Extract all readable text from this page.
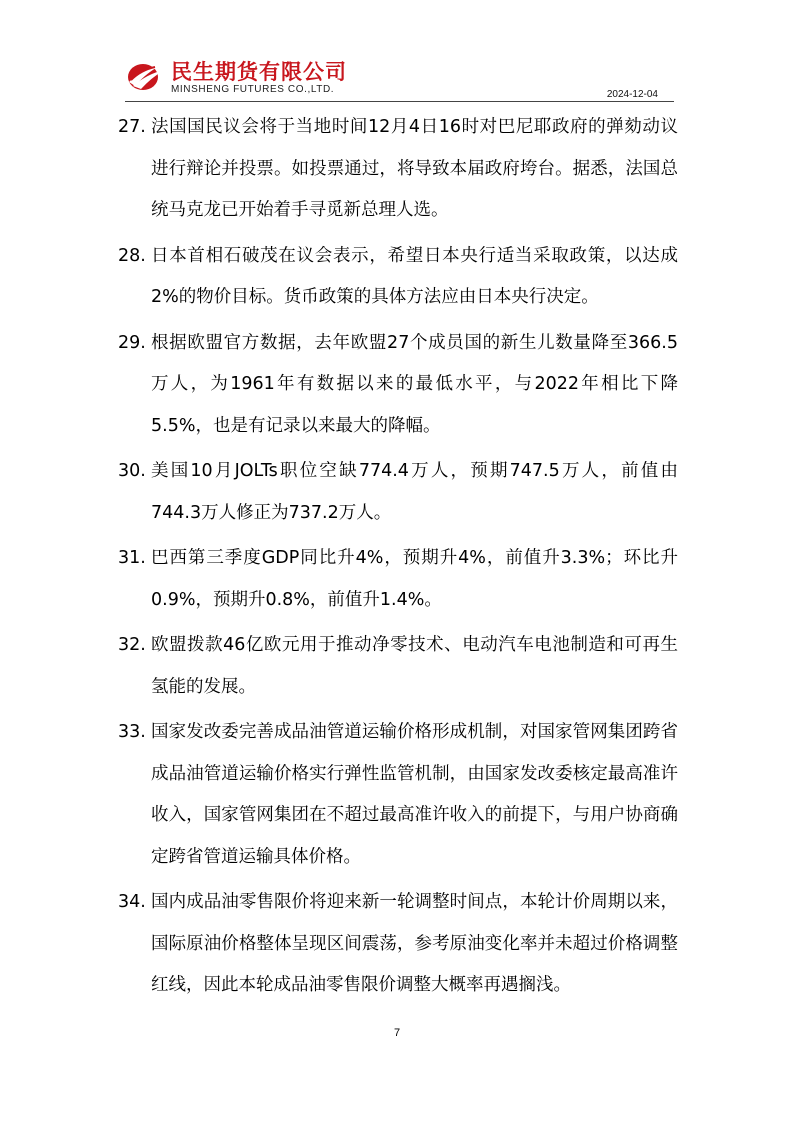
民生期货有限公司
MINSHENG FUTURES CO.,LTD.	2024-12-04
27. 法国国民议会将于当地时间12月4日16时对巴尼耶政府的弹劾动议进行辩论并投票。如投票通过，将导致本届政府垮台。据悉，法国总统马克龙已开始着手寻觅新总理人选。
28. 日本首相石破茂在议会表示，希望日本央行适当采取政策，以达成2%的物价目标。货币政策的具体方法应由日本央行决定。
29. 根据欧盟官方数据，去年欧盟27个成员国的新生儿数量降至366.5万人，为1961年有数据以来的最低水平，与2022年相比下降5.5%，也是有记录以来最大的降幅。
30. 美国10月JOLTs职位空缺774.4万人，预期747.5万人，前值由744.3万人修正为737.2万人。
31. 巴西第三季度GDP同比升4%，预期升4%，前值升3.3%；环比升0.9%，预期升0.8%，前值升1.4%。
32. 欧盟拨款46亿欧元用于推动净零技术、电动汽车电池制造和可再生氢能的发展。
33. 国家发改委完善成品油管道运输价格形成机制，对国家管网集团跨省成品油管道运输价格实行弹性监管机制，由国家发改委核定最高准许收入，国家管网集团在不超过最高准许收入的前提下，与用户协商确定跨省管道运输具体价格。
34. 国内成品油零售限价将迎来新一轮调整时间点，本轮计价周期以来，国际原油价格整体呈现区间震荡，参考原油变化率并未超过价格调整红线，因此本轮成品油零售限价调整大概率再遇搁浅。
7
